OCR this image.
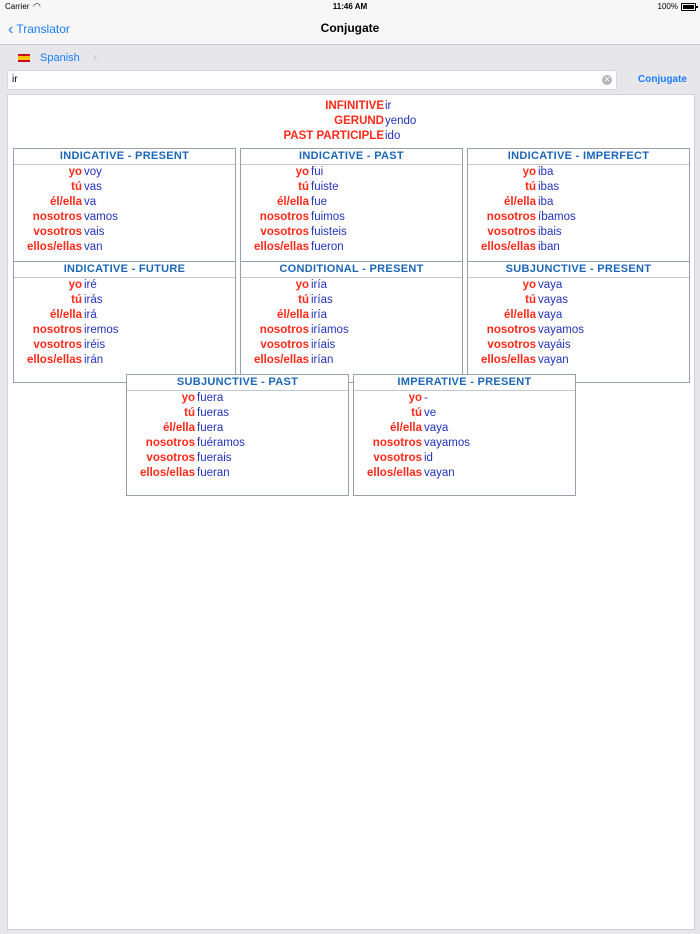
Carrier ◠	11:46 AM	100%
‹ Translator	Conjugate
Spanish ›
ir	✕	Conjugate
INFINITIVE ir
GERUND yendo
PAST PARTICIPLE ido
INDICATIVE - PRESENT
yo voy
tú vas
él/ella va
nosotros vamos
vosotros vais
ellos/ellas van
INDICATIVE - PAST
yo fui
tú fuiste
él/ella fue
nosotros fuimos
vosotros fuisteis
ellos/ellas fueron
INDICATIVE - IMPERFECT
yo iba
tú ibas
él/ella iba
nosotros íbamos
vosotros ibais
ellos/ellas iban
INDICATIVE - FUTURE
yo iré
tú irás
él/ella irá
nosotros iremos
vosotros iréis
ellos/ellas irán
CONDITIONAL - PRESENT
yo iría
tú irías
él/ella iría
nosotros iríamos
vosotros iríais
ellos/ellas irían
SUBJUNCTIVE - PRESENT
yo vaya
tú vayas
él/ella vaya
nosotros vayamos
vosotros vayáis
ellos/ellas vayan
SUBJUNCTIVE - PAST
yo fuera
tú fueras
él/ella fuera
nosotros fuéramos
vosotros fuerais
ellos/ellas fueran
IMPERATIVE - PRESENT
yo -
tú ve
él/ella vaya
nosotros vayamos
vosotros id
ellos/ellas vayan
